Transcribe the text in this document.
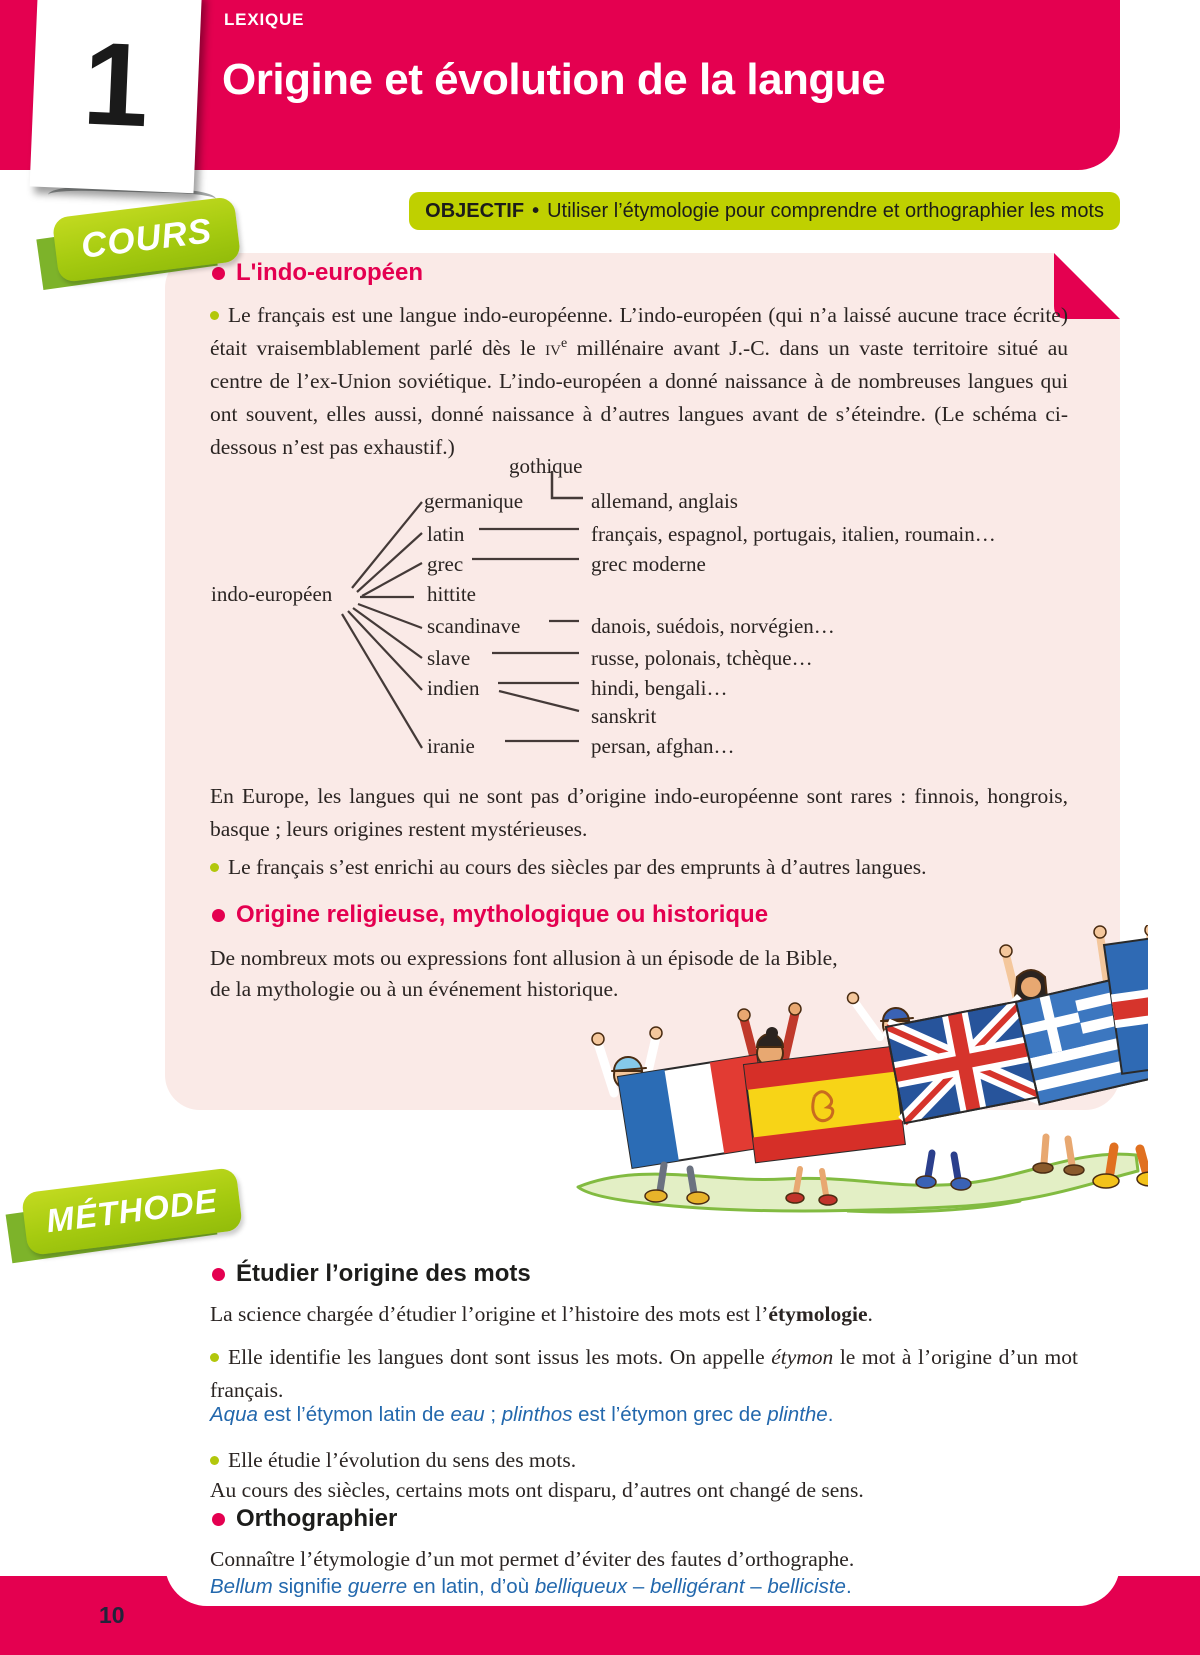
LEXIQUE
Origine et évolution de la langue
1
OBJECTIF • Utiliser l’étymologie pour comprendre et orthographier les mots
COURS
L'indo-européen
Le français est une langue indo-européenne. L’indo-européen (qui n’a laissé aucune trace écrite) était vraisemblablement parlé dès le $iv^e$ millénaire avant J.-C. dans un vaste territoire situé au centre de l’ex-Union soviétique. L’indo-européen a donné naissance à de nombreuses langues qui ont souvent, elles aussi, donné naissance à d’autres langues avant de s’éteindre. (Le schéma ci-dessous n’est pas exhaustif.)
gothique
indo-européen
germanique
latin
grec
hittite
scandinave
slave
indien
iranie
allemand, anglais
français, espagnol, portugais, italien, roumain…
grec moderne
danois, suédois, norvégien…
russe, polonais, tchèque…
hindi, bengali…
sanskrit
persan, afghan…
En Europe, les langues qui ne sont pas d’origine indo-européenne sont rares : finnois, hongrois, basque ; leurs origines restent mystérieuses.
Le français s’est enrichi au cours des siècles par des emprunts à d’autres langues.
Origine religieuse, mythologique ou historique
De nombreux mots ou expressions font allusion à un épisode de la Bible,
de la mythologie ou à un événement historique.
MÉTHODE
Étudier l’origine des mots
La science chargée d’étudier l’origine et l’histoire des mots est l’étymologie.
Elle identifie les langues dont sont issus les mots. On appelle étymon le mot à l’origine d’un mot français.
Aqua est l’étymon latin de eau ; plinthos est l’étymon grec de plinthe.
Elle étudie l’évolution du sens des mots.
Au cours des siècles, certains mots ont disparu, d’autres ont changé de sens.
Orthographier
Connaître l’étymologie d’un mot permet d’éviter des fautes d’orthographe.
Bellum signifie guerre en latin, d’où belliqueux – belligérant – belliciste.
10
